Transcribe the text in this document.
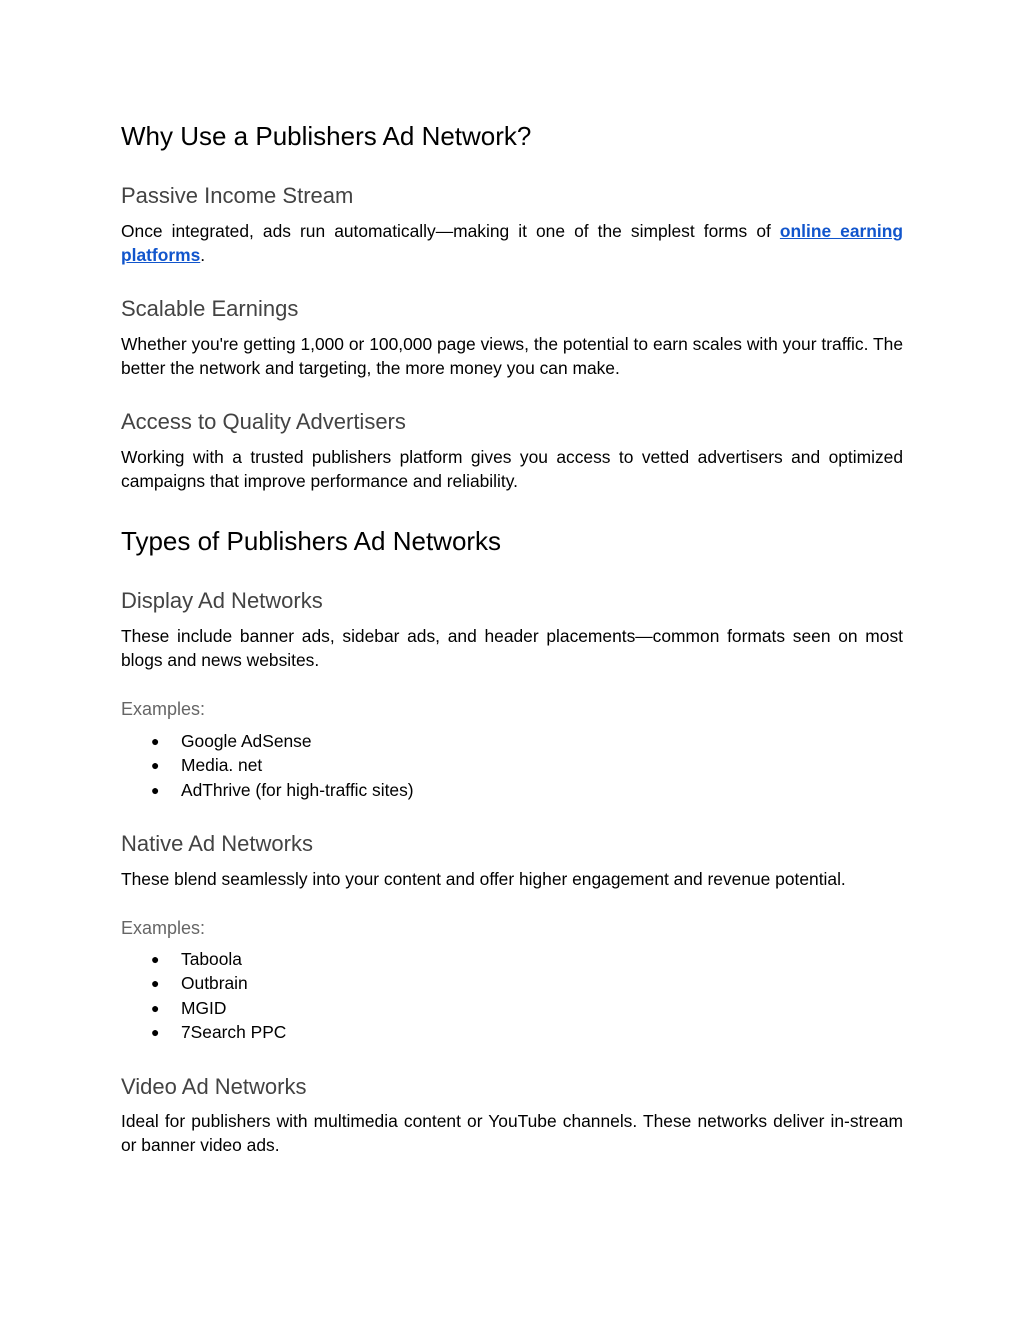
Why Use a Publishers Ad Network?
Passive Income Stream

Once integrated, ads run automatically—making it one of the simplest forms of online earning platforms.

Scalable Earnings

Whether you're getting 1,000 or 100,000 page views, the potential to earn scales with your traffic. The better the network and targeting, the more money you can make.

Access to Quality Advertisers

Working with a trusted publishers platform gives you access to vetted advertisers and optimized campaigns that improve performance and reliability.

Types of Publishers Ad Networks
Display Ad Networks

These include banner ads, sidebar ads, and header placements—common formats seen on most blogs and news websites.

Examples:

● Google AdSense
● Media. net
● AdThrive (for high-traffic sites)
Native Ad Networks

These blend seamlessly into your content and offer higher engagement and revenue potential.

Examples:

● Taboola
● Outbrain
● MGID
● 7Search PPC
Video Ad Networks

Ideal for publishers with multimedia content or YouTube channels. These networks deliver in-stream or banner video ads.
